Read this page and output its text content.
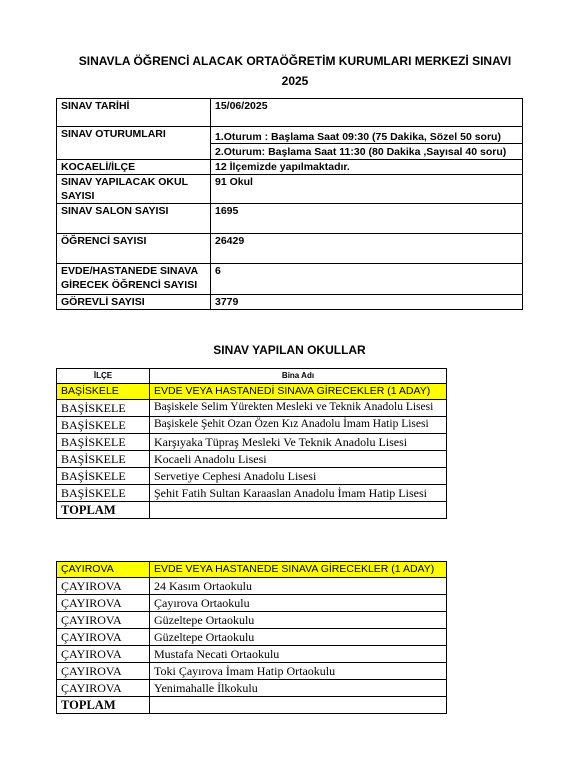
SINAVLA ÖĞRENCİ ALACAK ORTAÖĞRETİM KURUMLARI MERKEZİ SINAVI
2025
SINAV TARİHİ	15/06/2025
SINAV OTURUMLARI	1.Oturum : Başlama Saat 09:30 (75 Dakika, Sözel 50 soru)
2.Oturum: Başlama Saat 11:30 (80 Dakika ,Sayısal 40 soru)

KOCAELİ/İLÇE	12 İlçemizde yapılmaktadır.
SINAV YAPILACAK OKUL SAYISI	91 Okul
SINAV SALON SAYISI	1695
ÖĞRENCİ SAYISI	26429
EVDE/HASTANEDE SINAVA GİRECEK ÖĞRENCİ SAYISI	6
GÖREVLİ SAYISI	3779
SINAV YAPILAN OKULLAR
İLÇE	Bina Adı
BAŞİSKELE	EVDE VEYA HASTANEDİ SINAVA GİRECEKLER (1 ADAY)
BAŞİSKELE	Başiskele Selim Yürekten Mesleki ve Teknik Anadolu Lisesi
BAŞİSKELE	Başiskele Şehit Ozan Özen Kız Anadolu İmam Hatip Lisesi
BAŞİSKELE	Karşıyaka Tüpraş Mesleki Ve Teknik Anadolu Lisesi
BAŞİSKELE	Kocaeli Anadolu Lisesi
BAŞİSKELE	Servetiye Cephesi Anadolu Lisesi
BAŞİSKELE	Şehit Fatih Sultan Karaaslan Anadolu İmam Hatip Lisesi
TOPLAM	
ÇAYIROVA	EVDE VEYA HASTANEDE SINAVA GİRECEKLER (1 ADAY)
ÇAYIROVA	24 Kasım Ortaokulu
ÇAYIROVA	Çayırova Ortaokulu
ÇAYIROVA	Güzeltepe Ortaokulu
ÇAYIROVA	Güzeltepe Ortaokulu
ÇAYIROVA	Mustafa Necati Ortaokulu
ÇAYIROVA	Toki Çayırova İmam Hatip Ortaokulu
ÇAYIROVA	Yenimahalle İlkokulu
TOPLAM	
